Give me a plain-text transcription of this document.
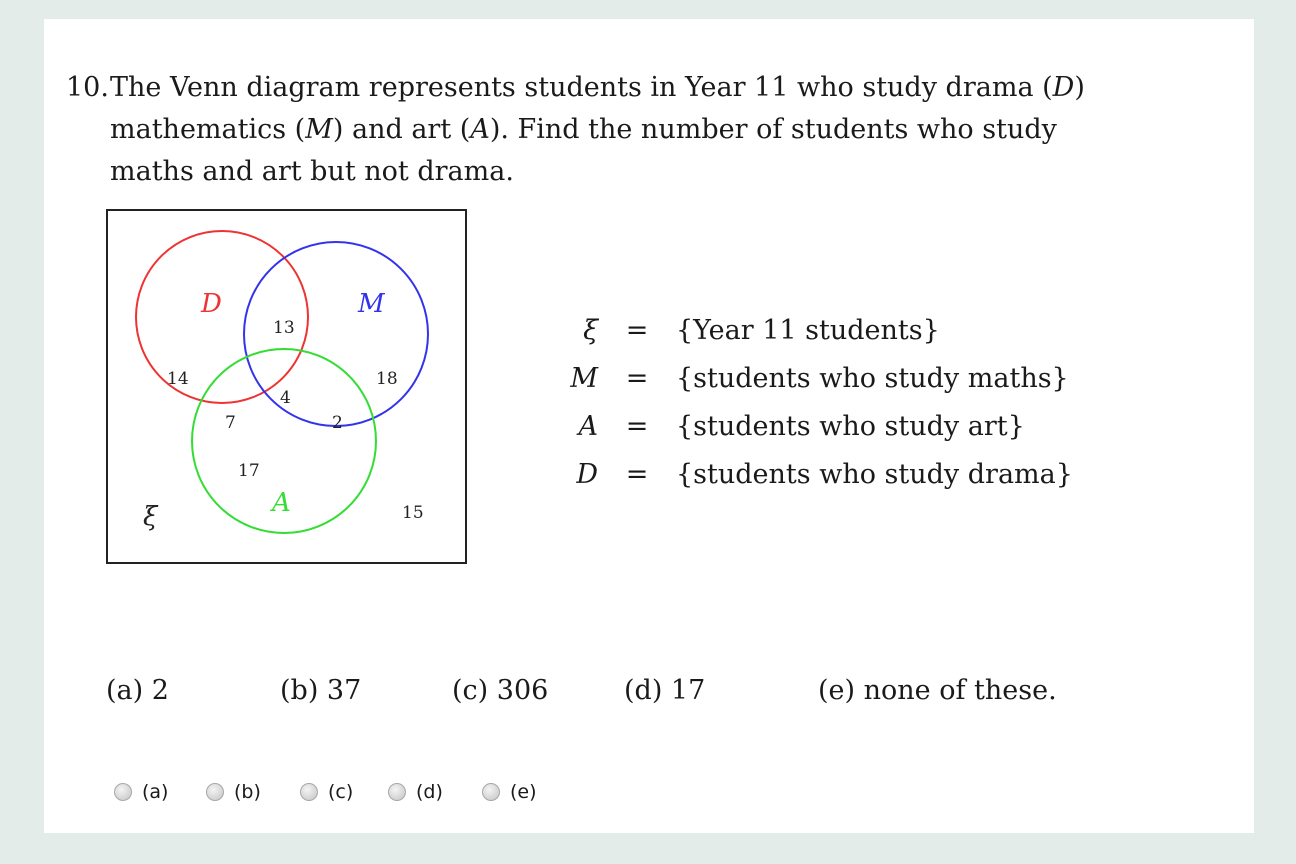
10.The Venn diagram represents students in Year 11 who study drama (D)
mathematics (M) and art (A). Find the number of students who study
maths and art but not drama.

D	M
A
ξ
14
13
18
7
4
2
17
15
ξ	=	{Year 11 students}
M	=	{students who study maths}
A	=	{students who study art}
D	=	{students who study drama}
(a) 2	(b) 37	(c) 306	(d) 17	(e) none of these.
(a)	(b)	(c)	(d)	(e)
